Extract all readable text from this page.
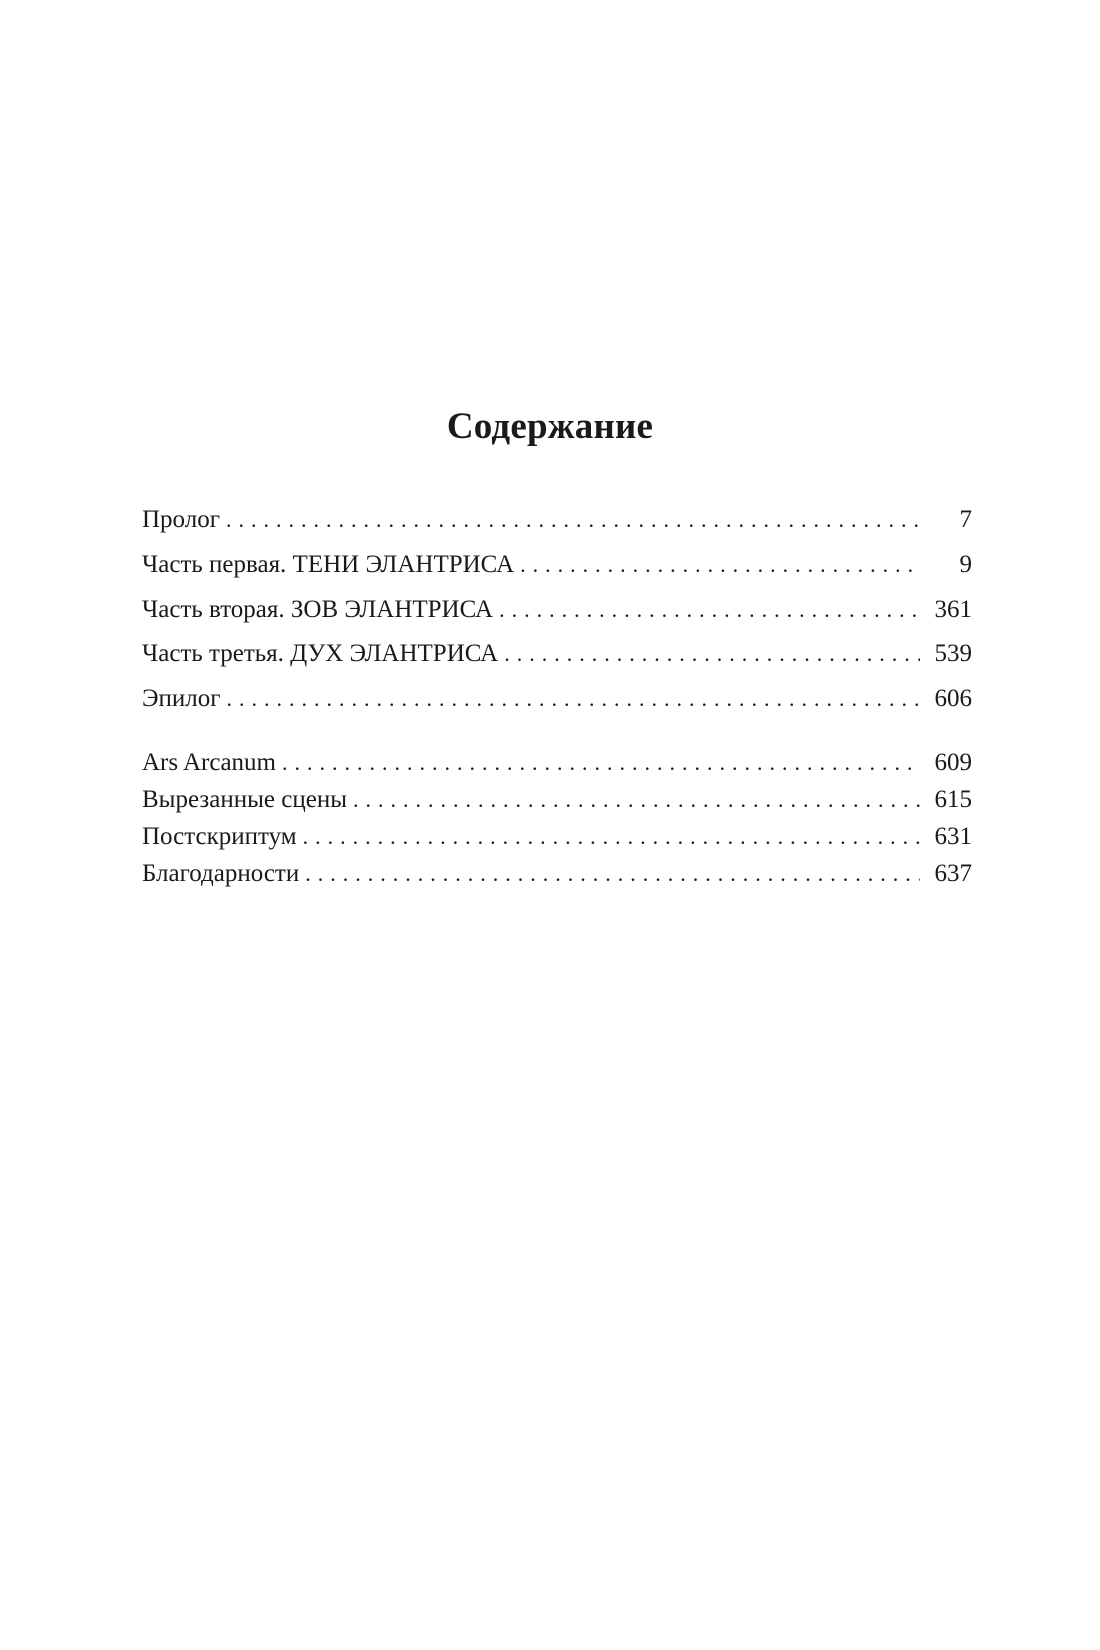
Содержание
Пролог . . .	7
Часть первая. ТЕНИ ЭЛАНТРИСА . . .	9
Часть вторая. ЗОВ ЭЛАНТРИСА . . .	361
Часть третья. ДУХ ЭЛАНТРИСА . . .	539
Эпилог . . .	606
Ars Arcanum . . .	609
Вырезанные сцены . . .	615
Постскриптум . . .	631
Благодарности . . .	637
